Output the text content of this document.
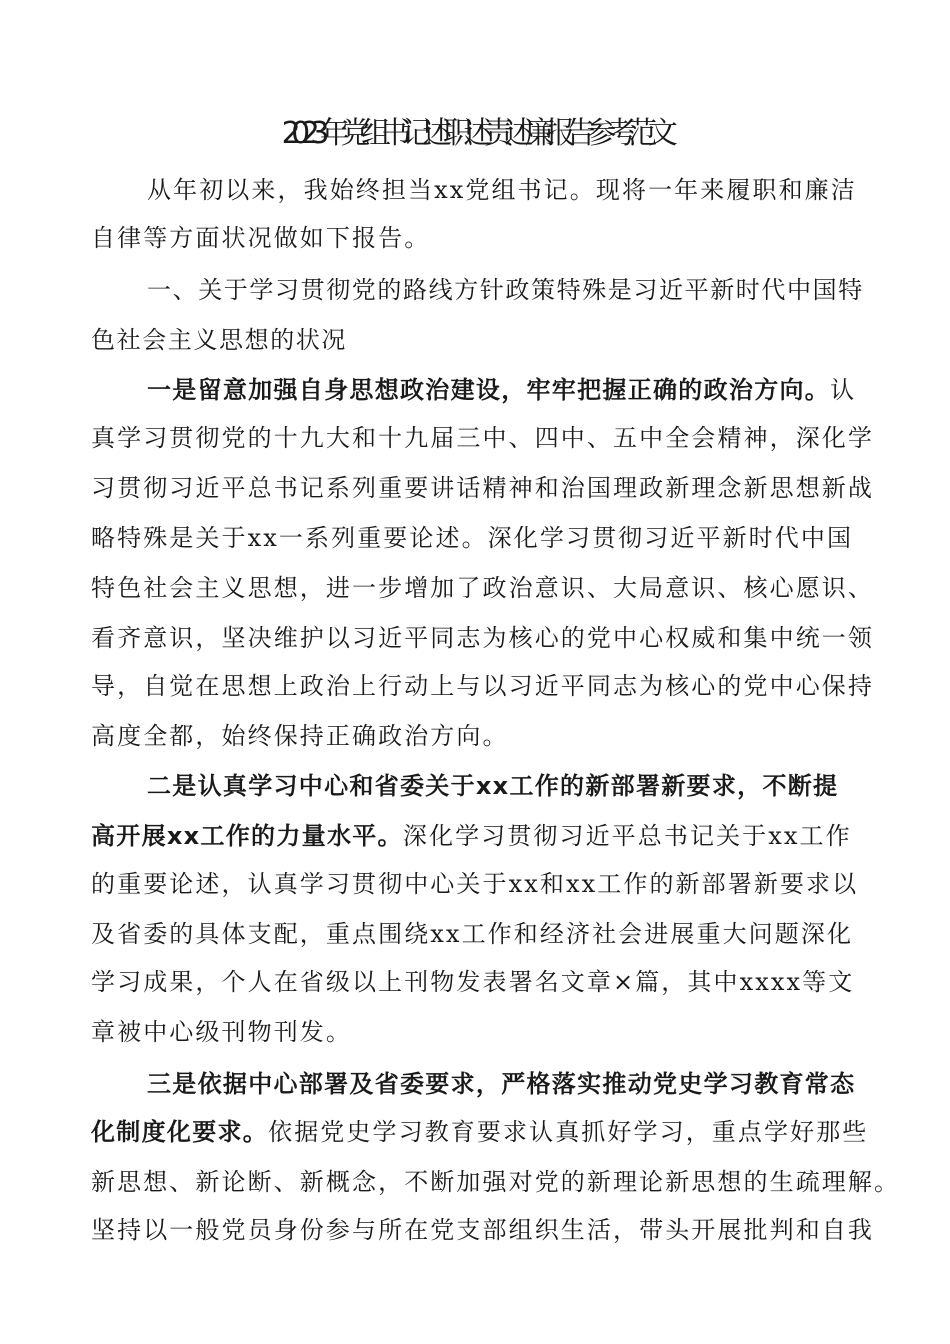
2023年党组书记述职述责述廉报告参考范文
从年初以来，我始终担当xx党组书记。现将一年来履职和廉洁
自律等方面状况做如下报告。
一、关于学习贯彻党的路线方针政策特殊是习近平新时代中国特
色社会主义思想的状况
一是留意加强自身思想政治建设，牢牢把握正确的政治方向。认
真学习贯彻党的十九大和十九届三中、四中、五中全会精神，深化学
习贯彻习近平总书记系列重要讲话精神和治国理政新理念新思想新战
略特殊是关于xx一系列重要论述。深化学习贯彻习近平新时代中国
特色社会主义思想，进一步增加了政治意识、大局意识、核心愿识、
看齐意识，坚决维护以习近平同志为核心的党中心权威和集中统一领
导，自觉在思想上政治上行动上与以习近平同志为核心的党中心保持
高度全都，始终保持正确政治方向。
二是认真学习中心和省委关于xx工作的新部署新要求，不断提
高开展xx工作的力量水平。深化学习贯彻习近平总书记关于xx工作
的重要论述，认真学习贯彻中心关于xx和xx工作的新部署新要求以
及省委的具体支配，重点围绕xx工作和经济社会进展重大问题深化
学习成果，个人在省级以上刊物发表署名文章×篇，其中xxxx等文
章被中心级刊物刊发。
三是依据中心部署及省委要求，严格落实推动党史学习教育常态
化制度化要求。依据党史学习教育要求认真抓好学习，重点学好那些
新思想、新论断、新概念，不断加强对党的新理论新思想的生疏理解。
坚持以一般党员身份参与所在党支部组织生活，带头开展批判和自我
